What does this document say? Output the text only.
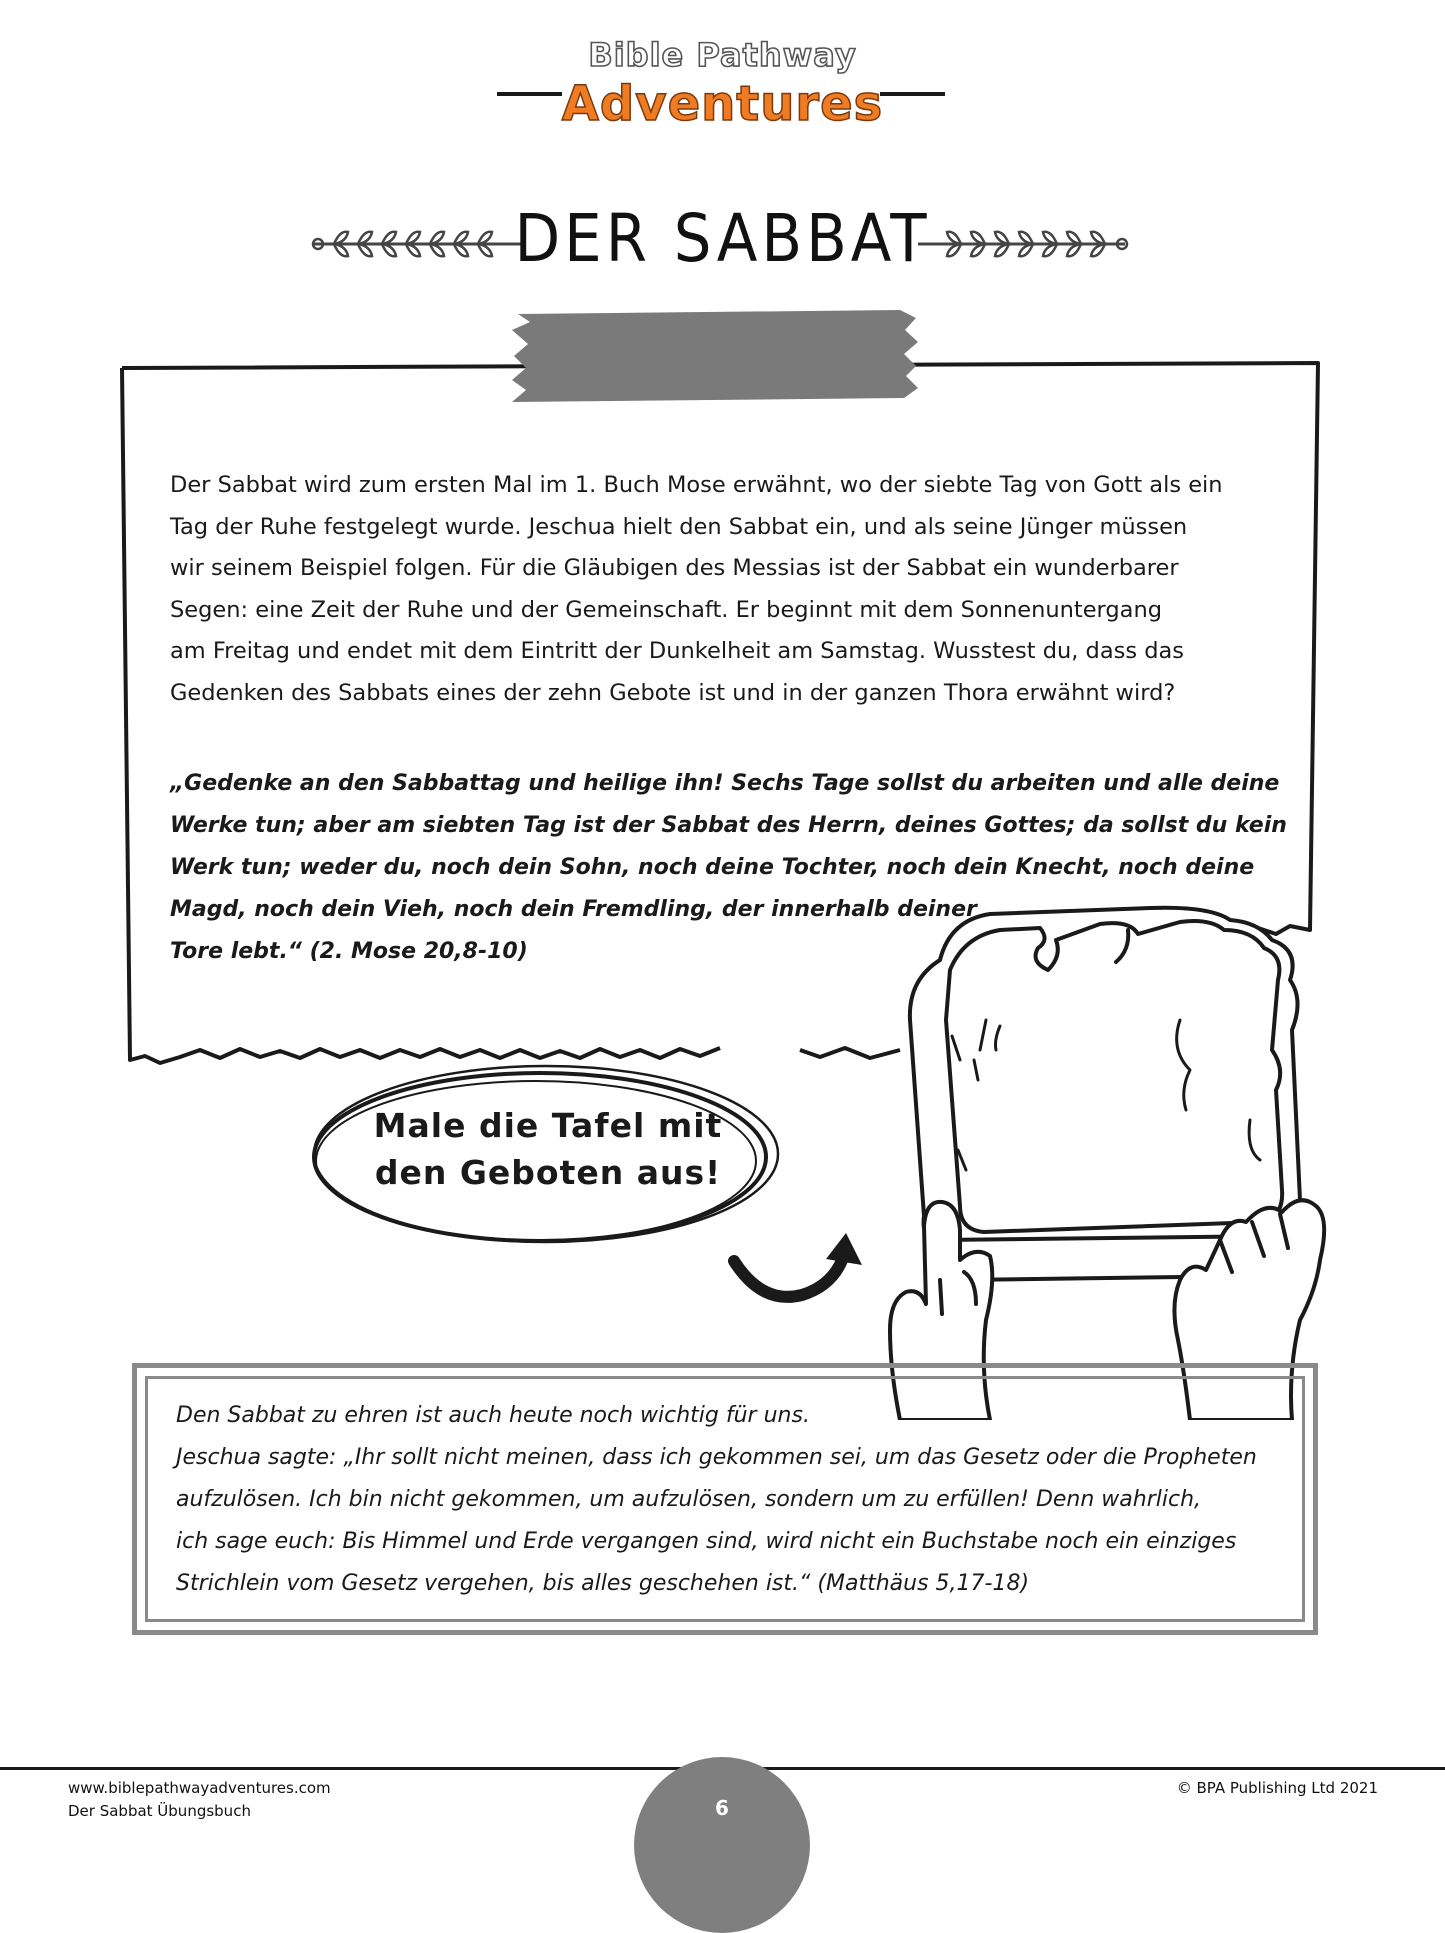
Bible Pathway
Adventures
DER SABBAT
Der Sabbat wird zum ersten Mal im 1. Buch Mose erwähnt, wo der siebte Tag von Gott als ein
Tag der Ruhe festgelegt wurde. Jeschua hielt den Sabbat ein, und als seine Jünger müssen
wir seinem Beispiel folgen. Für die Gläubigen des Messias ist der Sabbat ein wunderbarer
Segen: eine Zeit der Ruhe und der Gemeinschaft. Er beginnt mit dem Sonnenuntergang
am Freitag und endet mit dem Eintritt der Dunkelheit am Samstag. Wusstest du, dass das
Gedenken des Sabbats eines der zehn Gebote ist und in der ganzen Thora erwähnt wird?
„Gedenke an den Sabbattag und heilige ihn! Sechs Tage sollst du arbeiten und alle deine
Werke tun; aber am siebten Tag ist der Sabbat des Herrn, deines Gottes; da sollst du kein
Werk tun; weder du, noch dein Sohn, noch deine Tochter, noch dein Knecht, noch deine
Magd, noch dein Vieh, noch dein Fremdling, der innerhalb deiner
Tore lebt.“ (2. Mose 20,8-10)
Male die Tafel mit
den Geboten aus!
Den Sabbat zu ehren ist auch heute noch wichtig für uns.
Jeschua sagte: „Ihr sollt nicht meinen, dass ich gekommen sei, um das Gesetz oder die Propheten
aufzulösen. Ich bin nicht gekommen, um aufzulösen, sondern um zu erfüllen! Denn wahrlich,
ich sage euch: Bis Himmel und Erde vergangen sind, wird nicht ein Buchstabe noch ein einziges
Strichlein vom Gesetz vergehen, bis alles geschehen ist.“ (Matthäus 5,17-18)
www.biblepathwayadventures.com
Der Sabbat Übungsbuch
© BPA Publishing Ltd 2021
6
